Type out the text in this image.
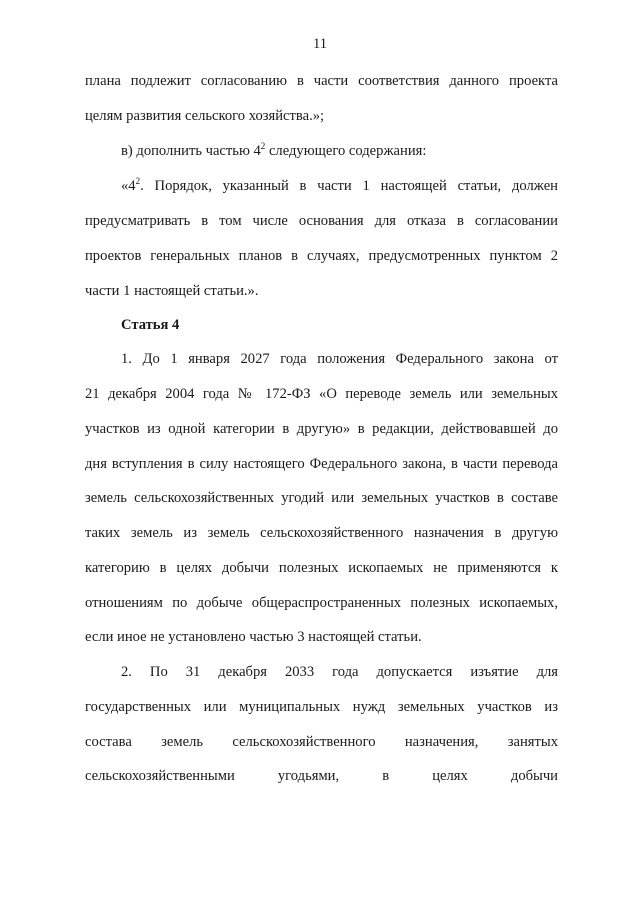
11
плана подлежит согласованию в части соответствия данного проекта
целям развития сельского хозяйства.»;
в) дополнить частью $4^2$ следующего содержания:
«$4^2$. Порядок, указанный в части 1 настоящей статьи, должен
предусматривать в том числе основания для отказа в согласовании
проектов генеральных планов в случаях, предусмотренных пунктом 2
части 1 настоящей статьи.».
Статья 4
1. До 1 января 2027 года положения Федерального закона от
21 декабря 2004 года № 172-ФЗ «О переводе земель или земельных
участков из одной категории в другую» в редакции, действовавшей до
дня вступления в силу настоящего Федерального закона, в части перевода
земель сельскохозяйственных угодий или земельных участков в составе
таких земель из земель сельскохозяйственного назначения в другую
категорию в целях добычи полезных ископаемых не применяются к
отношениям по добыче общераспространенных полезных ископаемых,
если иное не установлено частью 3 настоящей статьи.
2. По 31 декабря 2033 года допускается изъятие для
государственных или муниципальных нужд земельных участков из
состава земель сельскохозяйственного назначения, занятых
сельскохозяйственными угодьями, в целях добычи
